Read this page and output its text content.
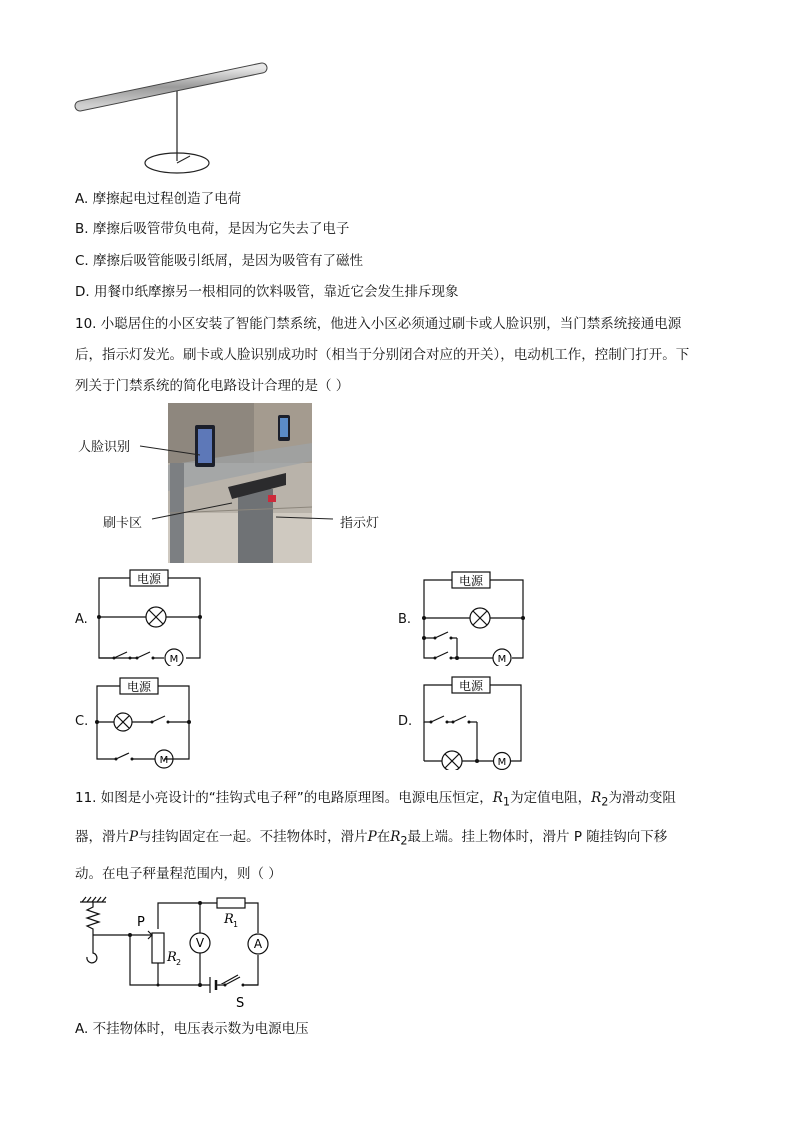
A. 摩擦起电过程创造了电荷
B. 摩擦后吸管带负电荷，是因为它失去了电子
C. 摩擦后吸管能吸引纸屑，是因为吸管有了磁性
D. 用餐巾纸摩擦另一根相同的饮料吸管，靠近它会发生排斥现象
10. 小聪居住的小区安装了智能门禁系统，他进入小区必须通过刷卡或人脸识别，当门禁系统接通电源
后，指示灯发光。刷卡或人脸识别成功时（相当于分别闭合对应的开关），电动机工作，控制门打开。下
列关于门禁系统的简化电路设计合理的是（ ）
人脸识别
刷卡区	指示灯
A.
电源
M
B.
电源
M
C.
电源
M
D.
电源
M
11. 如图是小亮设计的“挂钩式电子秤”的电路原理图。电源电压恒定，$R_1$为定值电阻，$R_2$为滑动变阻
器，滑片P与挂钩固定在一起。不挂物体时，滑片P在$R_2$最上端。挂上物体时，滑片 P 随挂钩向下移
动。在电子秤量程范围内，则（ ）
P
R 2
R 1
V	A
S
A. 不挂物体时，电压表示数为电源电压
